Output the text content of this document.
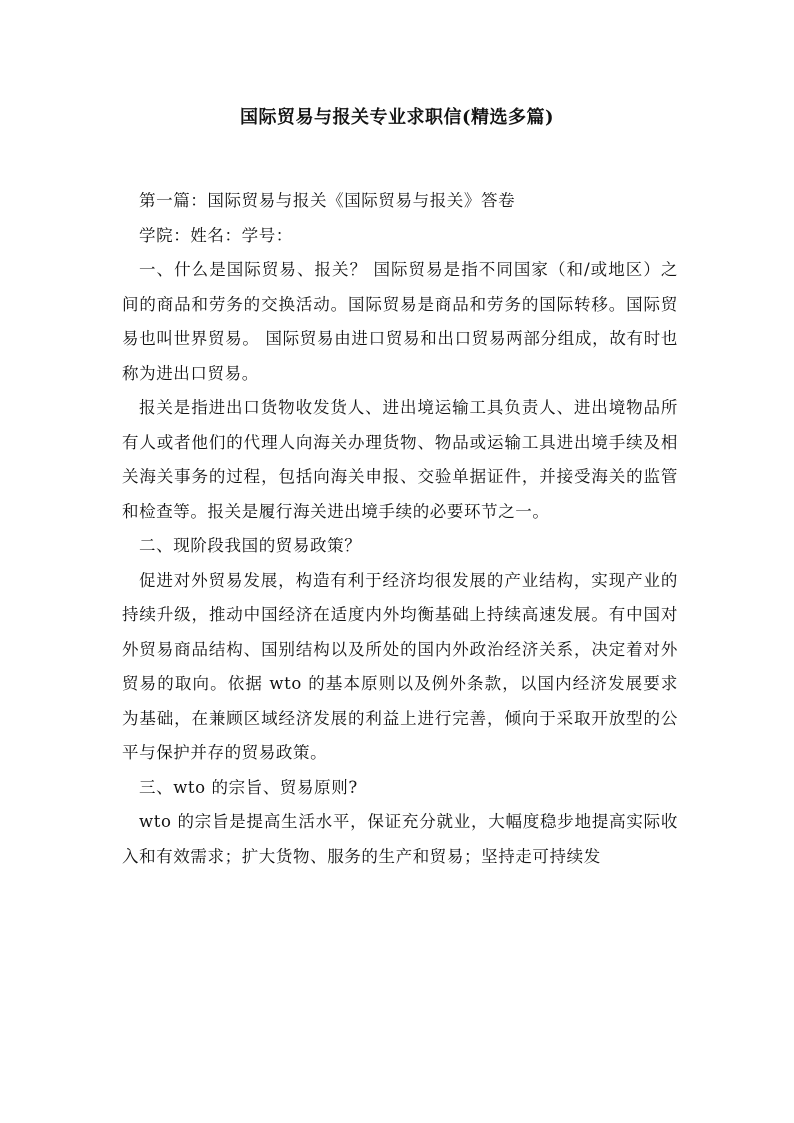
国际贸易与报关专业求职信(精选多篇)

第一篇：国际贸易与报关《国际贸易与报关》答卷

学院：姓名：学号：

一、什么是国际贸易、报关？ 国际贸易是指不同国家（和/或地区）之间的商品和劳务的交换活动。国际贸易是商品和劳务的国际转移。国际贸易也叫世界贸易。 国际贸易由进口贸易和出口贸易两部分组成，故有时也称为进出口贸易。

报关是指进出口货物收发货人、进出境运输工具负责人、进出境物品所有人或者他们的代理人向海关办理货物、物品或运输工具进出境手续及相关海关事务的过程，包括向海关申报、交验单据证件，并接受海关的监管和检查等。报关是履行海关进出境手续的必要环节之一。

二、现阶段我国的贸易政策？

促进对外贸易发展，构造有利于经济均很发展的产业结构，实现产业的持续升级，推动中国经济在适度内外均衡基础上持续高速发展。有中国对外贸易商品结构、国别结构以及所处的国内外政治经济关系，决定着对外贸易的取向。依据 wto 的基本原则以及例外条款，以国内经济发展要求为基础，在兼顾区域经济发展的利益上进行完善，倾向于采取开放型的公平与保护并存的贸易政策。

三、wto 的宗旨、贸易原则?

wto 的宗旨是提高生活水平，保证充分就业，大幅度稳步地提高实际收入和有效需求；扩大货物、服务的生产和贸易；坚持走可持续发
